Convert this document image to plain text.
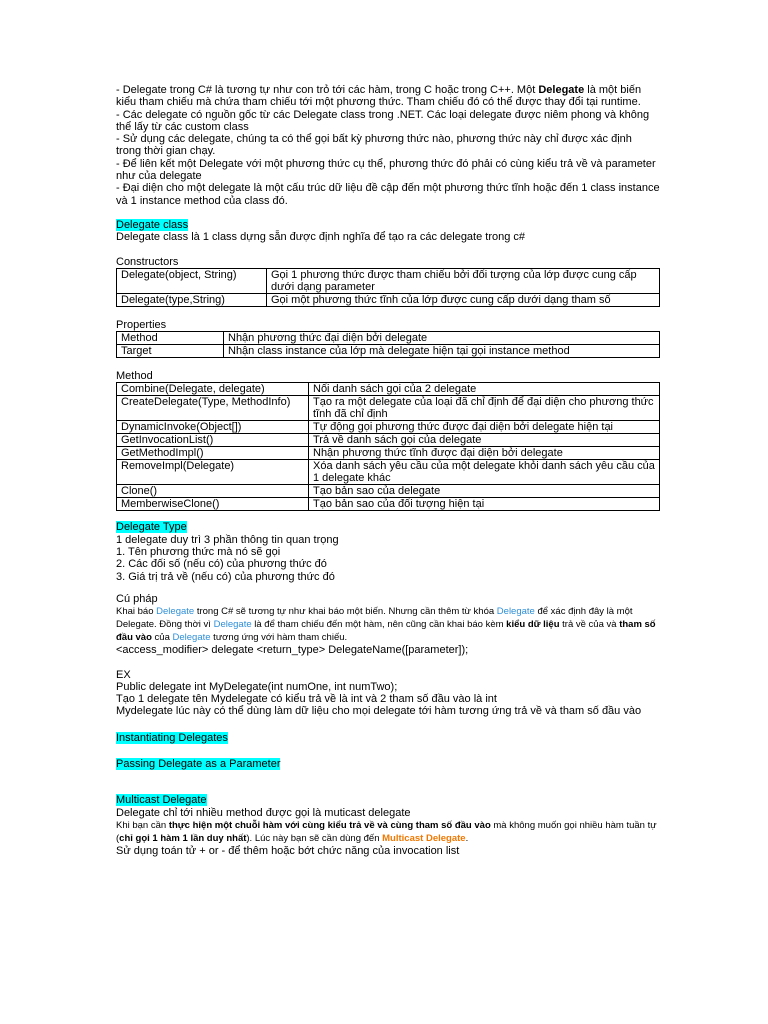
- Delegate trong C# là tương tự như con trỏ tới các hàm, trong C hoặc trong C++. Một Delegate là một biến kiểu tham chiếu mà chứa tham chiếu tới một phương thức. Tham chiếu đó có thể được thay đổi tại runtime.

- Các delegate có nguồn gốc từ các Delegate class trong .NET. Các loại delegate được niêm phong và không thể lấy từ các custom class

- Sử dụng các delegate, chúng ta có thể gọi bất kỳ phương thức nào, phương thức này chỉ được xác định trong thời gian chạy.

- Để liên kết một Delegate với một phương thức cụ thể, phương thức đó phải có cùng kiểu trả về và parameter như của delegate

- Đại diện cho một delegate là một cấu trúc dữ liệu đề cập đến một phương thức tĩnh hoặc đến 1 class instance và 1 instance method của class đó.

Delegate class

Delegate class là 1 class dựng sẵn được định nghĩa để tạo ra các delegate trong c#

Constructors

Delegate(object, String)	Gọi 1 phương thức được tham chiếu bởi đối tượng của lớp được cung cấp dưới dạng parameter
Delegate(type,String)	Gọi một phương thức tĩnh của lớp được cung cấp dưới dạng tham số

Properties

Method	Nhận phương thức đại diện bởi delegate
Target	Nhận class instance của lớp mà delegate hiện tại gọi instance method

Method

Combine(Delegate, delegate)	Nối danh sách gọi của 2 delegate
CreateDelegate(Type, MethodInfo)	Tạo ra một delegate của loại đã chỉ định để đại diện cho phương thức tĩnh đã chỉ định
DynamicInvoke(Object[])	Tự động gọi phương thức được đại diện bởi delegate hiện tại
GetInvocationList()	Trả về danh sách gọi của delegate
GetMethodImpl()	Nhận phương thức tĩnh được đại diện bởi delegate
RemoveImpl(Delegate)	Xóa danh sách yêu cầu của một delegate khỏi danh sách yêu cầu của 1 delegate khác
Clone()	Tạo bản sao của delegate
MemberwiseClone()	Tạo bản sao của đối tượng hiện tại

Delegate Type

1 delegate duy trì 3 phần thông tin quan trọng

1. Tên phương thức mà nó sẽ gọi

2. Các đối số (nếu có) của phương thức đó

3. Giá trị trả về (nếu có) của phương thức đó

Cú pháp

Khai báo Delegate trong C# sẽ tương tự như khai báo một biến. Nhưng cần thêm từ khóa Delegate để xác định đây là một Delegate. Đồng thời vì Delegate là để tham chiếu đến một hàm, nên cũng cần khai báo kèm kiểu dữ liệu trả về của và tham số đầu vào của Delegate tương ứng với hàm tham chiếu.

<access_modifier> delegate <return_type> DelegateName([parameter]);

EX

Public delegate int MyDelegate(int numOne, int numTwo);

Tạo 1 delegate tên Mydelegate có kiểu trả về là int và 2 tham số đầu vào là int

Mydelegate lúc này có thể dùng làm dữ liệu cho mọi delegate tới hàm tương ứng trả về và tham số đầu vào

Instantiating Delegates

Passing Delegate as a Parameter

Multicast Delegate

Delegate chỉ tới nhiều method được gọi là muticast delegate

Khi bạn cần thực hiện một chuỗi hàm với cùng kiểu trả về và cùng tham số đầu vào mà không muốn gọi nhiều hàm tuần tự (chỉ gọi 1 hàm 1 lần duy nhất). Lúc này bạn sẽ cần dùng đến Multicast Delegate.

Sử dụng toán tử + or - để thêm hoặc bớt chức năng của invocation list
